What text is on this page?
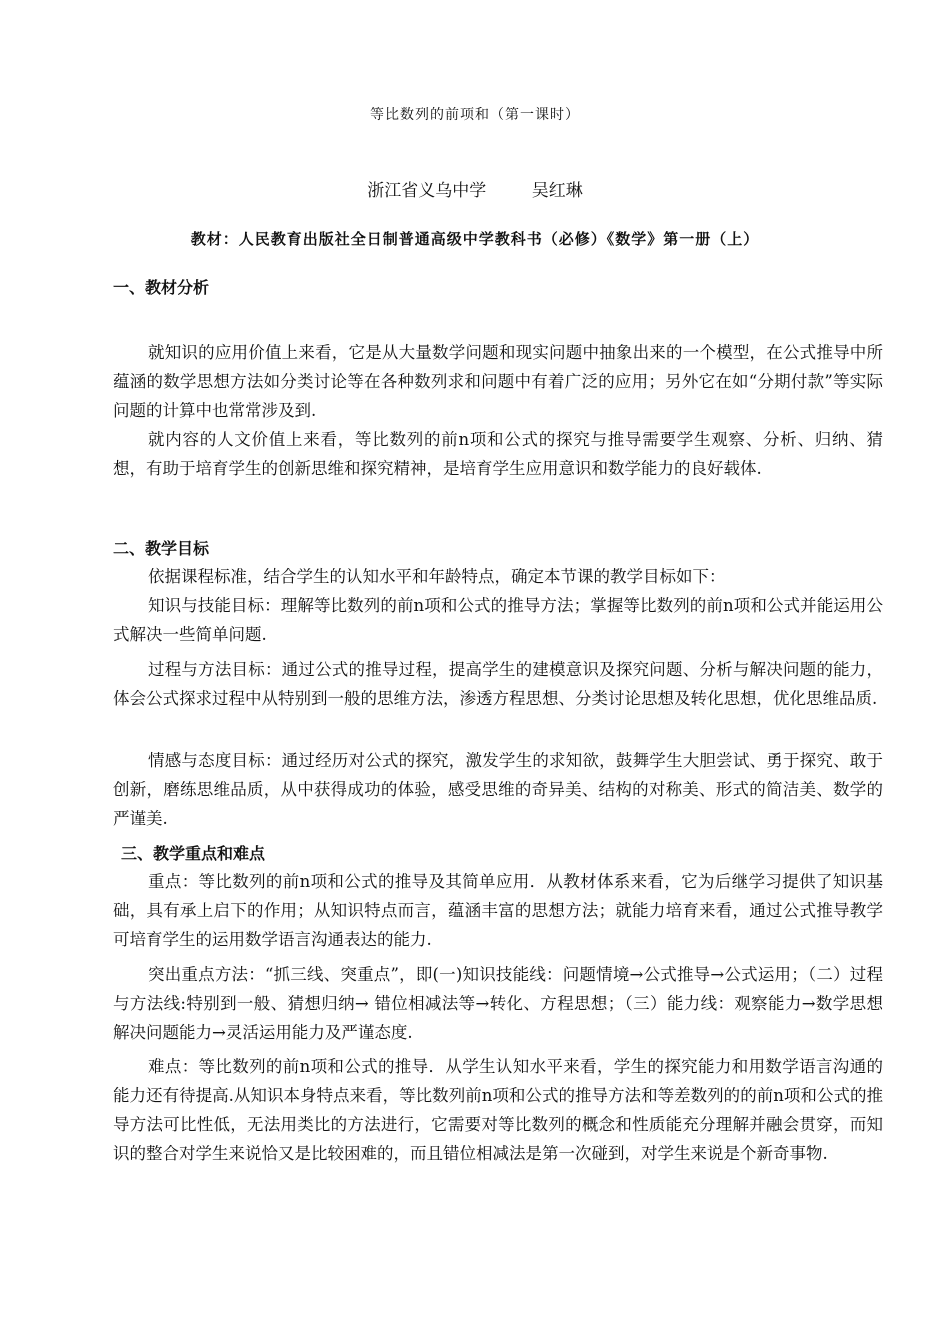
等比数列的前项和（第一课时）
浙江省义乌中学	吴红琳
教材：人民教育出版社全日制普通高级中学教科书（必修）《数学》第一册（上）
一、教材分析

就知识的应用价值上来看，它是从大量数学问题和现实问题中抽象出来的一个模型，在公式推导中所蕴涵的数学思想方法如分类讨论等在各种数列求和问题中有着广泛的应用；另外它在如“分期付款”等实际问题的计算中也常常涉及到.

就内容的人文价值上来看，等比数列的前n项和公式的探究与推导需要学生观察、分析、归纳、猜想，有助于培育学生的创新思维和探究精神，是培育学生应用意识和数学能力的良好载体.

二、教学目标

依据课程标准，结合学生的认知水平和年龄特点，确定本节课的教学目标如下：

知识与技能目标：理解等比数列的前n项和公式的推导方法；掌握等比数列的前n项和公式并能运用公式解决一些简单问题.

过程与方法目标：通过公式的推导过程，提高学生的建模意识及探究问题、分析与解决问题的能力，体会公式探求过程中从特别到一般的思维方法，渗透方程思想、分类讨论思想及转化思想，优化思维品质.

情感与态度目标：通过经历对公式的探究，激发学生的求知欲，鼓舞学生大胆尝试、勇于探究、敢于创新，磨练思维品质，从中获得成功的体验，感受思维的奇异美、结构的对称美、形式的简洁美、数学的严谨美.

三、教学重点和难点

重点：等比数列的前n项和公式的推导及其简单应用．从教材体系来看，它为后继学习提供了知识基础，具有承上启下的作用；从知识特点而言，蕴涵丰富的思想方法；就能力培育来看，通过公式推导教学可培育学生的运用数学语言沟通表达的能力.

突出重点方法：“抓三线、突重点”，即(一)知识技能线：问题情境→公式推导→公式运用；（二）过程与方法线:特别到一般、猜想归纳→ 错位相减法等→转化、方程思想；（三）能力线：观察能力→数学思想解决问题能力→灵活运用能力及严谨态度.

难点：等比数列的前n项和公式的推导．从学生认知水平来看，学生的探究能力和用数学语言沟通的能力还有待提高.从知识本身特点来看，等比数列前n项和公式的推导方法和等差数列的的前n项和公式的推导方法可比性低，无法用类比的方法进行，它需要对等比数列的概念和性质能充分理解并融会贯穿，而知识的整合对学生来说恰又是比较困难的，而且错位相减法是第一次碰到，对学生来说是个新奇事物.
